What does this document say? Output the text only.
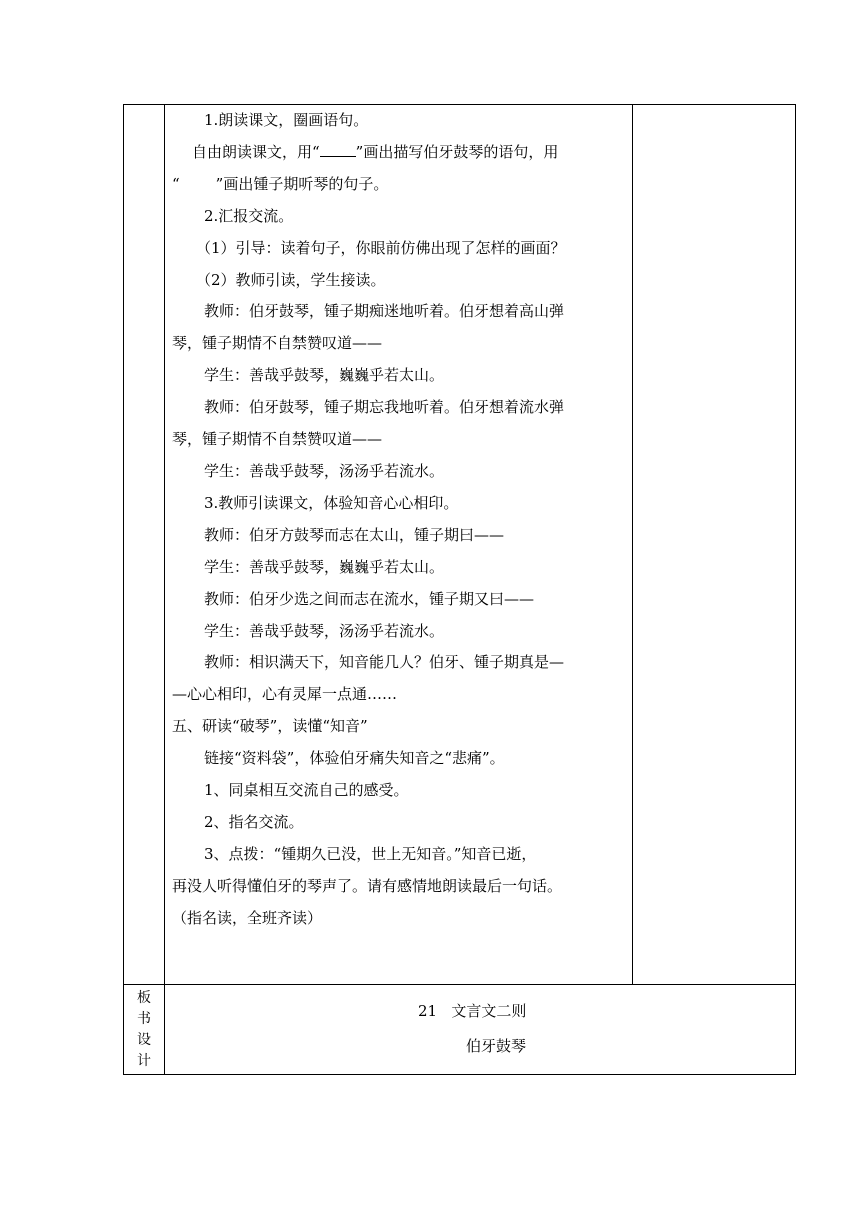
1.朗读课文，圈画语句。

自由朗读课文，用“ ”画出描写伯牙鼓琴的语句，用

“ ”画出锺子期听琴的句子。

2.汇报交流。

（1）引导：读着句子，你眼前仿佛出现了怎样的画面？

（2）教师引读，学生接读。

教师：伯牙鼓琴，锺子期痴迷地听着。伯牙想着高山弹

琴，锺子期情不自禁赞叹道——

学生：善哉乎鼓琴，巍巍乎若太山。

教师：伯牙鼓琴，锺子期忘我地听着。伯牙想着流水弹

琴，锺子期情不自禁赞叹道——

学生：善哉乎鼓琴，汤汤乎若流水。

3.教师引读课文，体验知音心心相印。

教师：伯牙方鼓琴而志在太山，锺子期曰——

学生：善哉乎鼓琴，巍巍乎若太山。

教师：伯牙少选之间而志在流水，锺子期又曰——

学生：善哉乎鼓琴，汤汤乎若流水。

教师：相识满天下，知音能几人？伯牙、锺子期真是—

—心心相印，心有灵犀一点通……

五、研读“破琴”，读懂“知音”

链接“资料袋”，体验伯牙痛失知音之“悲痛”。

1、同桌相互交流自己的感受。

2、指名交流。

3、点拨：“锺期久已没，世上无知音。”知音已逝，

再没人听得懂伯牙的琴声了。请有感情地朗读最后一句话。

（指名读，全班齐读）

板
书
设
计
21   文言文二则
伯牙鼓琴
